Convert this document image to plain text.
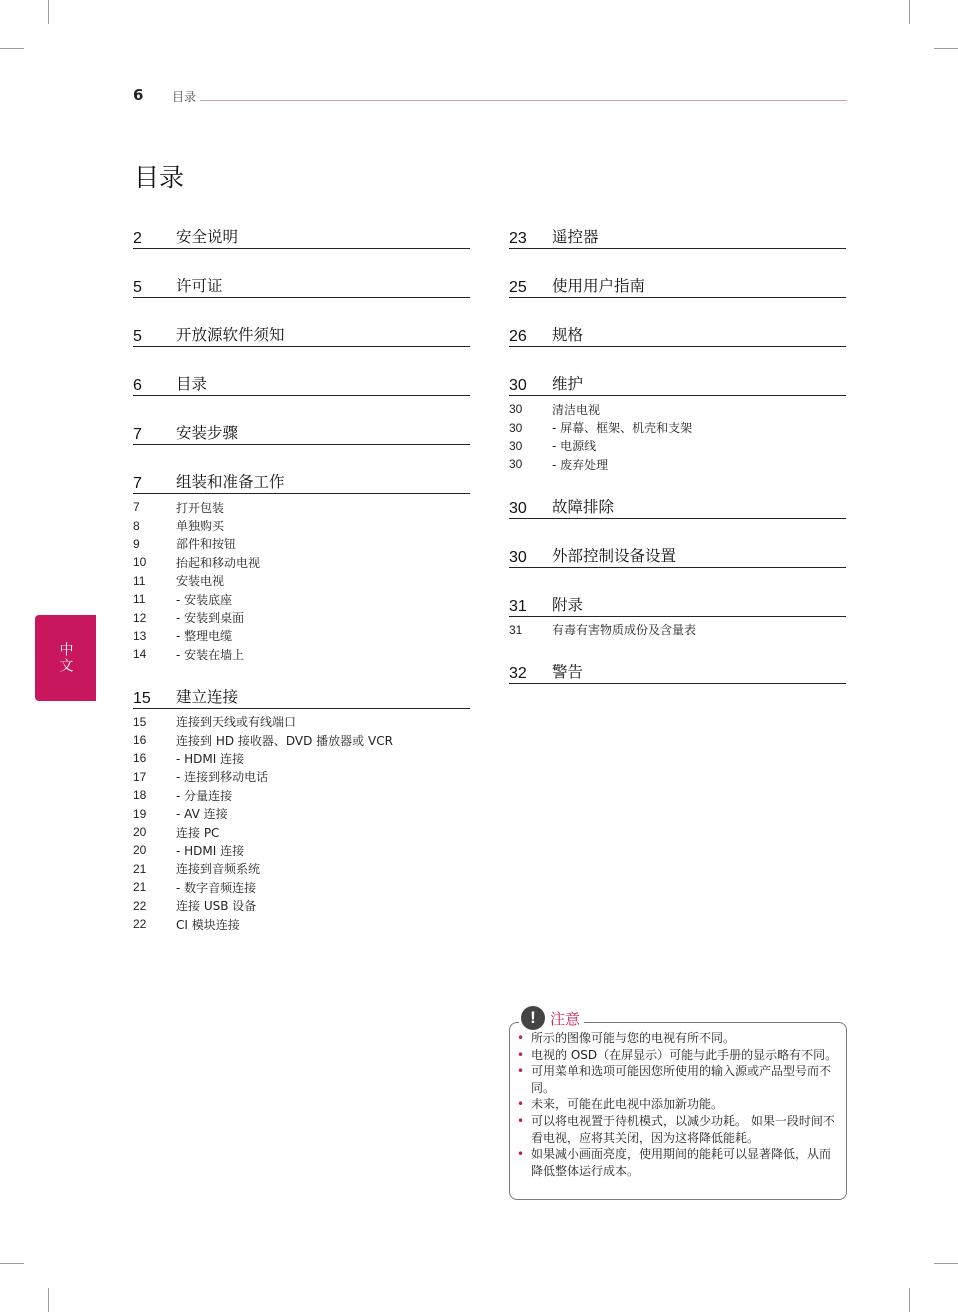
6 目录
目录
2	安全说明
5	许可证
5	开放源软件须知
6	目录
7	安装步骤
7	组装和准备工作
7	打开包装
8	单独购买
9	部件和按钮
10	抬起和移动电视
11	安装电视
11	- 安装底座
12	- 安装到桌面
13	- 整理电缆
14	- 安装在墙上
15	建立连接
15	连接到天线或有线端口
16	连接到 HD 接收器、DVD 播放器或 VCR
16	- HDMI 连接
17	- 连接到移动电话
18	- 分量连接
19	- AV 连接
20	连接 PC
20	- HDMI 连接
21	连接到音频系统
21	- 数字音频连接
22	连接 USB 设备
22	CI 模块连接
23	遥控器
25	使用用户指南
26	规格
30	维护
30	清洁电视
30	- 屏幕、框架、机壳和支架
30	- 电源线
30	- 废弃处理
30	故障排除
30	外部控制设备设置
31	附录
31	有毒有害物质成份及含量表
32	警告
中文
! 注意
• 所示的图像可能与您的电视有所不同。
• 电视的 OSD（在屏显示）可能与此手册的显示略有不同。
• 可用菜单和选项可能因您所使用的输入源或产品型号而不同。
• 未来，可能在此电视中添加新功能。
• 可以将电视置于待机模式，以减少功耗。 如果一段时间不看电视，应将其关闭，因为这将降低能耗。
• 如果减小画面亮度，使用期间的能耗可以显著降低，从而降低整体运行成本。
